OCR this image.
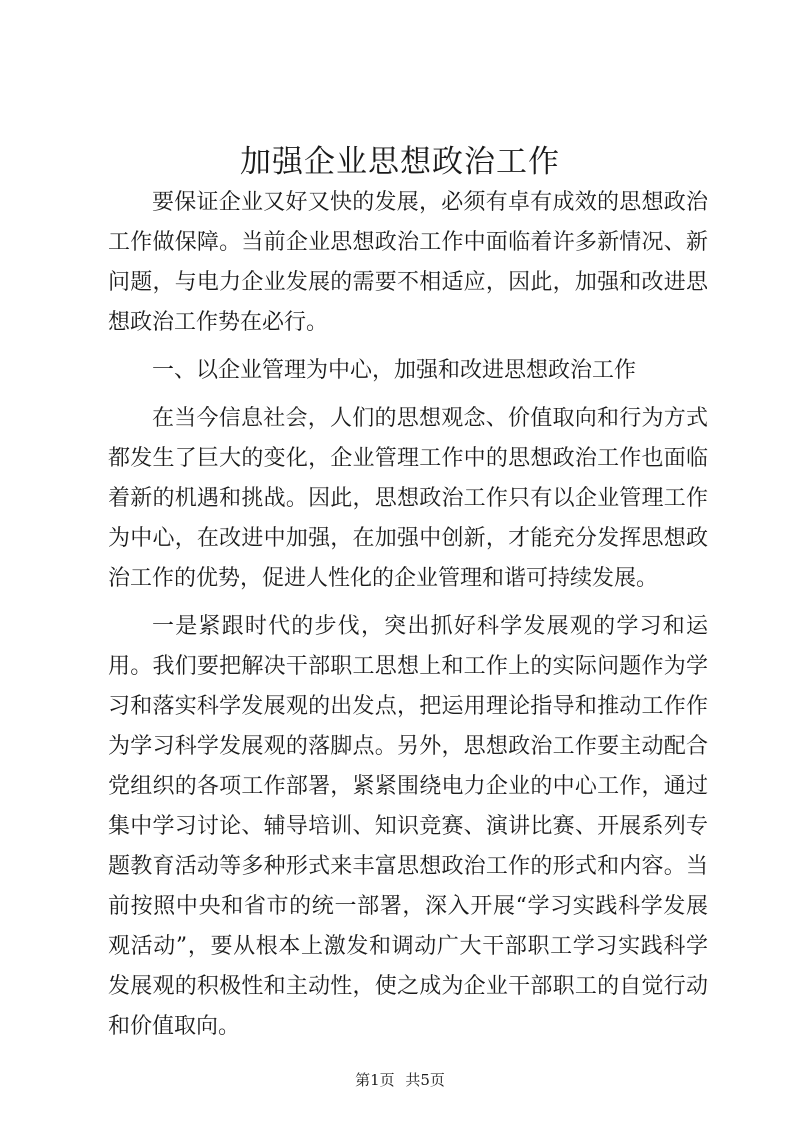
加强企业思想政治工作

要保证企业又好又快的发展，必须有卓有成效的思想政治工作做保障。当前企业思想政治工作中面临着许多新情况、新问题，与电力企业发展的需要不相适应，因此，加强和改进思想政治工作势在必行。

一、以企业管理为中心，加强和改进思想政治工作

在当今信息社会，人们的思想观念、价值取向和行为方式都发生了巨大的变化，企业管理工作中的思想政治工作也面临着新的机遇和挑战。因此，思想政治工作只有以企业管理工作为中心，在改进中加强，在加强中创新，才能充分发挥思想政治工作的优势，促进人性化的企业管理和谐可持续发展。

一是紧跟时代的步伐，突出抓好科学发展观的学习和运用。我们要把解决干部职工思想上和工作上的实际问题作为学习和落实科学发展观的出发点，把运用理论指导和推动工作作为学习科学发展观的落脚点。另外，思想政治工作要主动配合党组织的各项工作部署，紧紧围绕电力企业的中心工作，通过集中学习讨论、辅导培训、知识竞赛、演讲比赛、开展系列专题教育活动等多种形式来丰富思想政治工作的形式和内容。当前按照中央和省市的统一部署，深入开展“学习实践科学发展观活动”，要从根本上激发和调动广大干部职工学习实践科学发展观的积极性和主动性，使之成为企业干部职工的自觉行动和价值取向。

第1页 共5页
